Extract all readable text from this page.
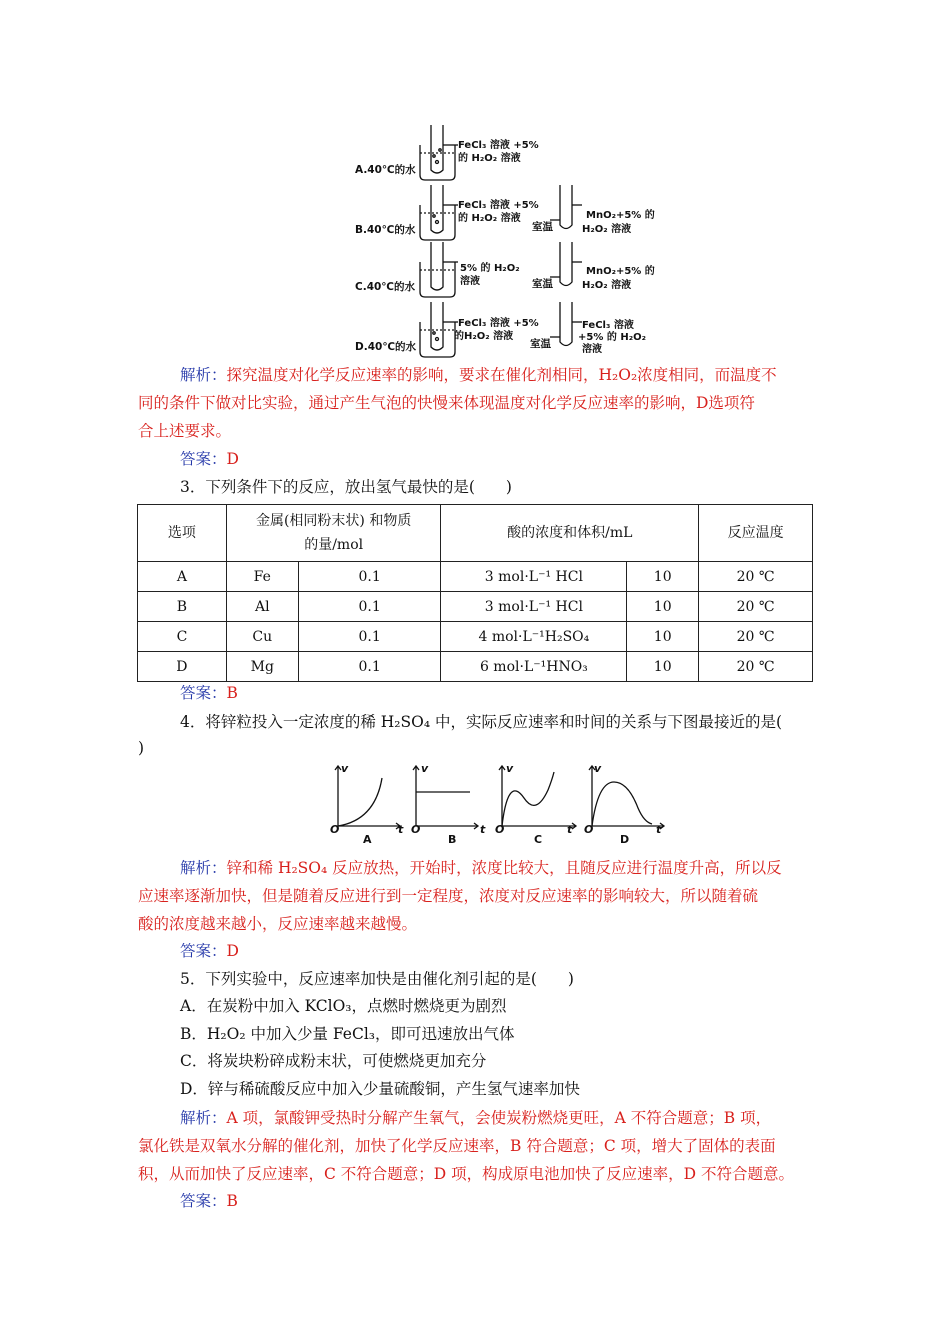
A.40℃的水
FeCl₃ 溶液 +5%
的 H₂O₂ 溶液
B.40℃的水
FeCl₃ 溶液 +5%
的 H₂O₂ 溶液
室温
MnO₂+5% 的
H₂O₂ 溶液
C.40℃的水
5% 的 H₂O₂
溶液	室温
MnO₂+5% 的
H₂O₂ 溶液
D.40℃的水
FeCl₃ 溶液 +5%
的H₂O₂ 溶液
室温
FeCl₃ 溶液
+5% 的 H₂O₂
溶液
解析：探究温度对化学反应速率的影响，要求在催化剂相同，H₂O₂浓度相同，而温度不
同的条件下做对比实验，通过产生气泡的快慢来体现温度对化学反应速率的影响，D选项符
合上述要求。
答案：D
3．下列条件下的反应，放出氢气最快的是(　　)
选项	金属(相同粉末状) 和物质
的量/mol		酸的浓度和体积/mL		反应温度
A	Fe	0.1	3 mol·L⁻¹ HCl	10	20 ℃
B	Al	0.1	3 mol·L⁻¹ HCl	10	20 ℃
C	Cu	0.1	4 mol·L⁻¹H₂SO₄	10	20 ℃
D	Mg	0.1	6 mol·L⁻¹HNO₃	10	20 ℃
答案：B
4．将锌粒投入一定浓度的稀 H₂SO₄ 中，实际反应速率和时间的关系与下图最接近的是(
)
v
O	t
A
v
O	t
B
v
O	t
C
v
O	t
D
解析：锌和稀 H₂SO₄ 反应放热，开始时，浓度比较大，且随反应进行温度升高，所以反
应速率逐渐加快，但是随着反应进行到一定程度，浓度对反应速率的影响较大，所以随着硫
酸的浓度越来越小，反应速率越来越慢。
答案：D
5．下列实验中，反应速率加快是由催化剂引起的是(　　)
A．在炭粉中加入 KClO₃，点燃时燃烧更为剧烈
B．H₂O₂ 中加入少量 FeCl₃，即可迅速放出气体
C．将炭块粉碎成粉末状，可使燃烧更加充分
D．锌与稀硫酸反应中加入少量硫酸铜，产生氢气速率加快
解析：A 项，氯酸钾受热时分解产生氧气，会使炭粉燃烧更旺，A 不符合题意；B 项，
氯化铁是双氧水分解的催化剂，加快了化学反应速率，B 符合题意；C 项，增大了固体的表面
积，从而加快了反应速率，C 不符合题意；D 项，构成原电池加快了反应速率，D 不符合题意。
答案：B
